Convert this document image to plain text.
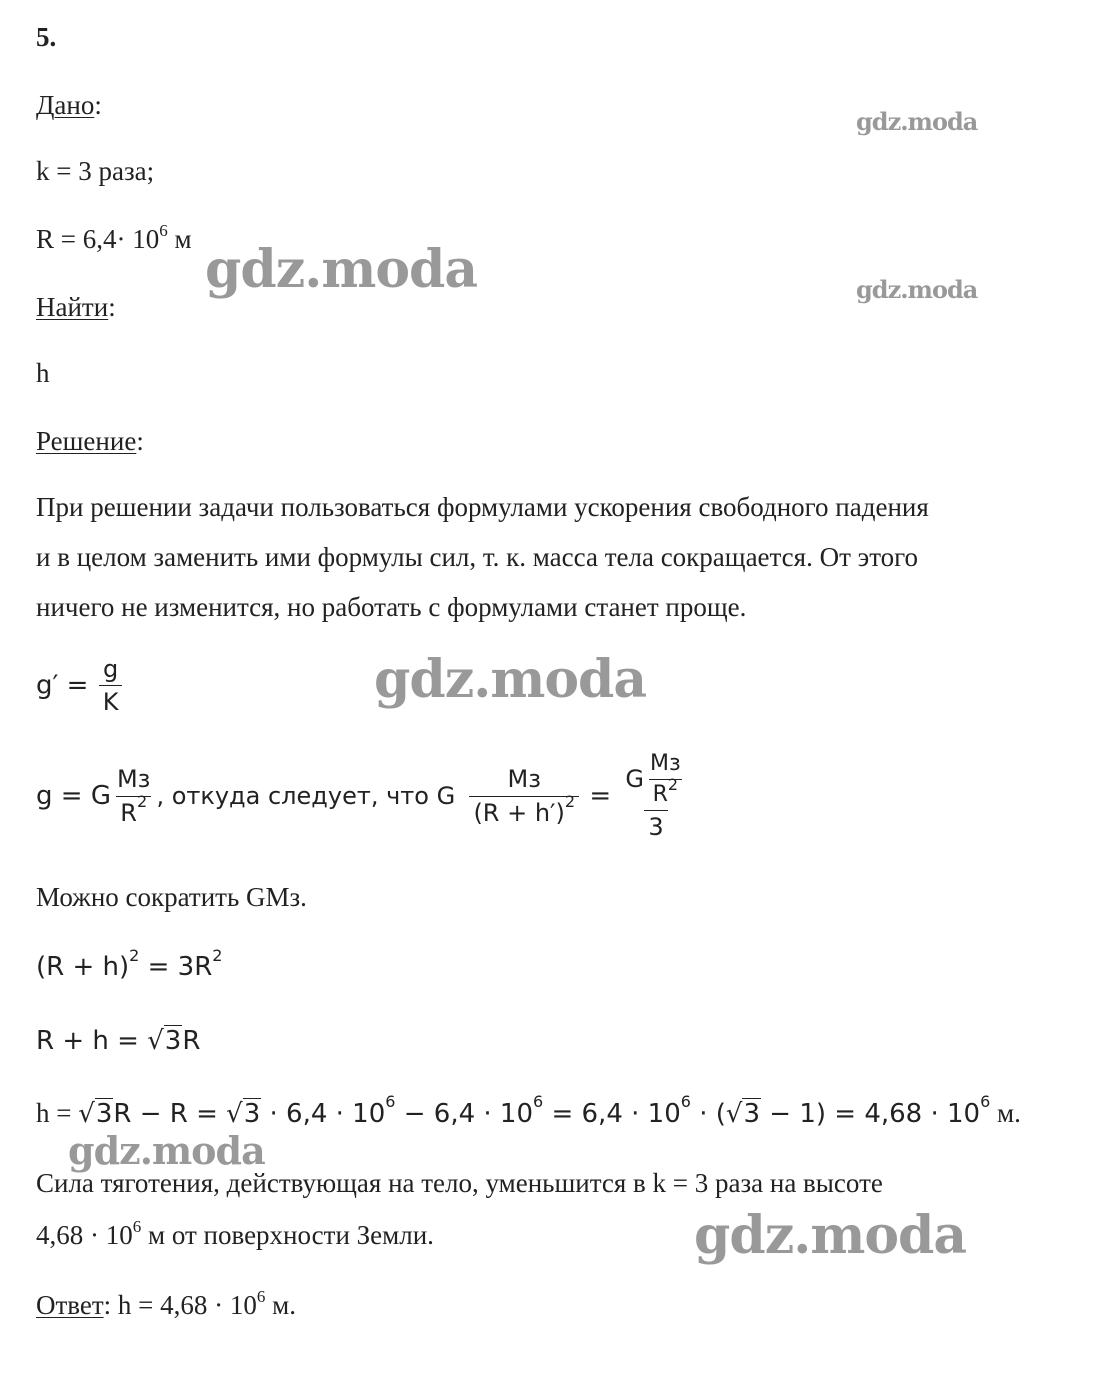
5.
Дано:
k = 3 раза;
$R = 6,4\cdot 10^6$ м
Найти:
h
Решение:
При решении задачи пользоваться формулами ускорения свободного падения
и в целом заменить ими формулы сил, т. к. масса тела сокращается. От этого
ничего не изменится, но работать с формулами станет проще.
$g' = \frac{g}{K}$
g = G $\frac{Mз}{R^2}$ , откуда следует, что G $\frac{Mз}{(R + h')^2} = \frac{G \frac{Mз}{R^2}}{3}$
Можно сократить GMз.
$(R + h)^2 = 3R^2$
R + h = √3R
$h = √3R - R = √3 \cdot 6,4 \cdot 10^6 - 6,4 \cdot 10^6 = 6,4 \cdot 10^6 \cdot (√3 - 1) = 4,68 \cdot 10^6$ м.
Сила тяготения, действующая на тело, уменьшится в k = 3 раза на высоте
$4,68 \cdot 10^6$ м от поверхности Земли.
Ответ: $h = 4,68 \cdot 10^6$ м.
gdz.moda
gdz.moda	gdz.moda
gdz.moda
gdz.moda
gdz.moda
